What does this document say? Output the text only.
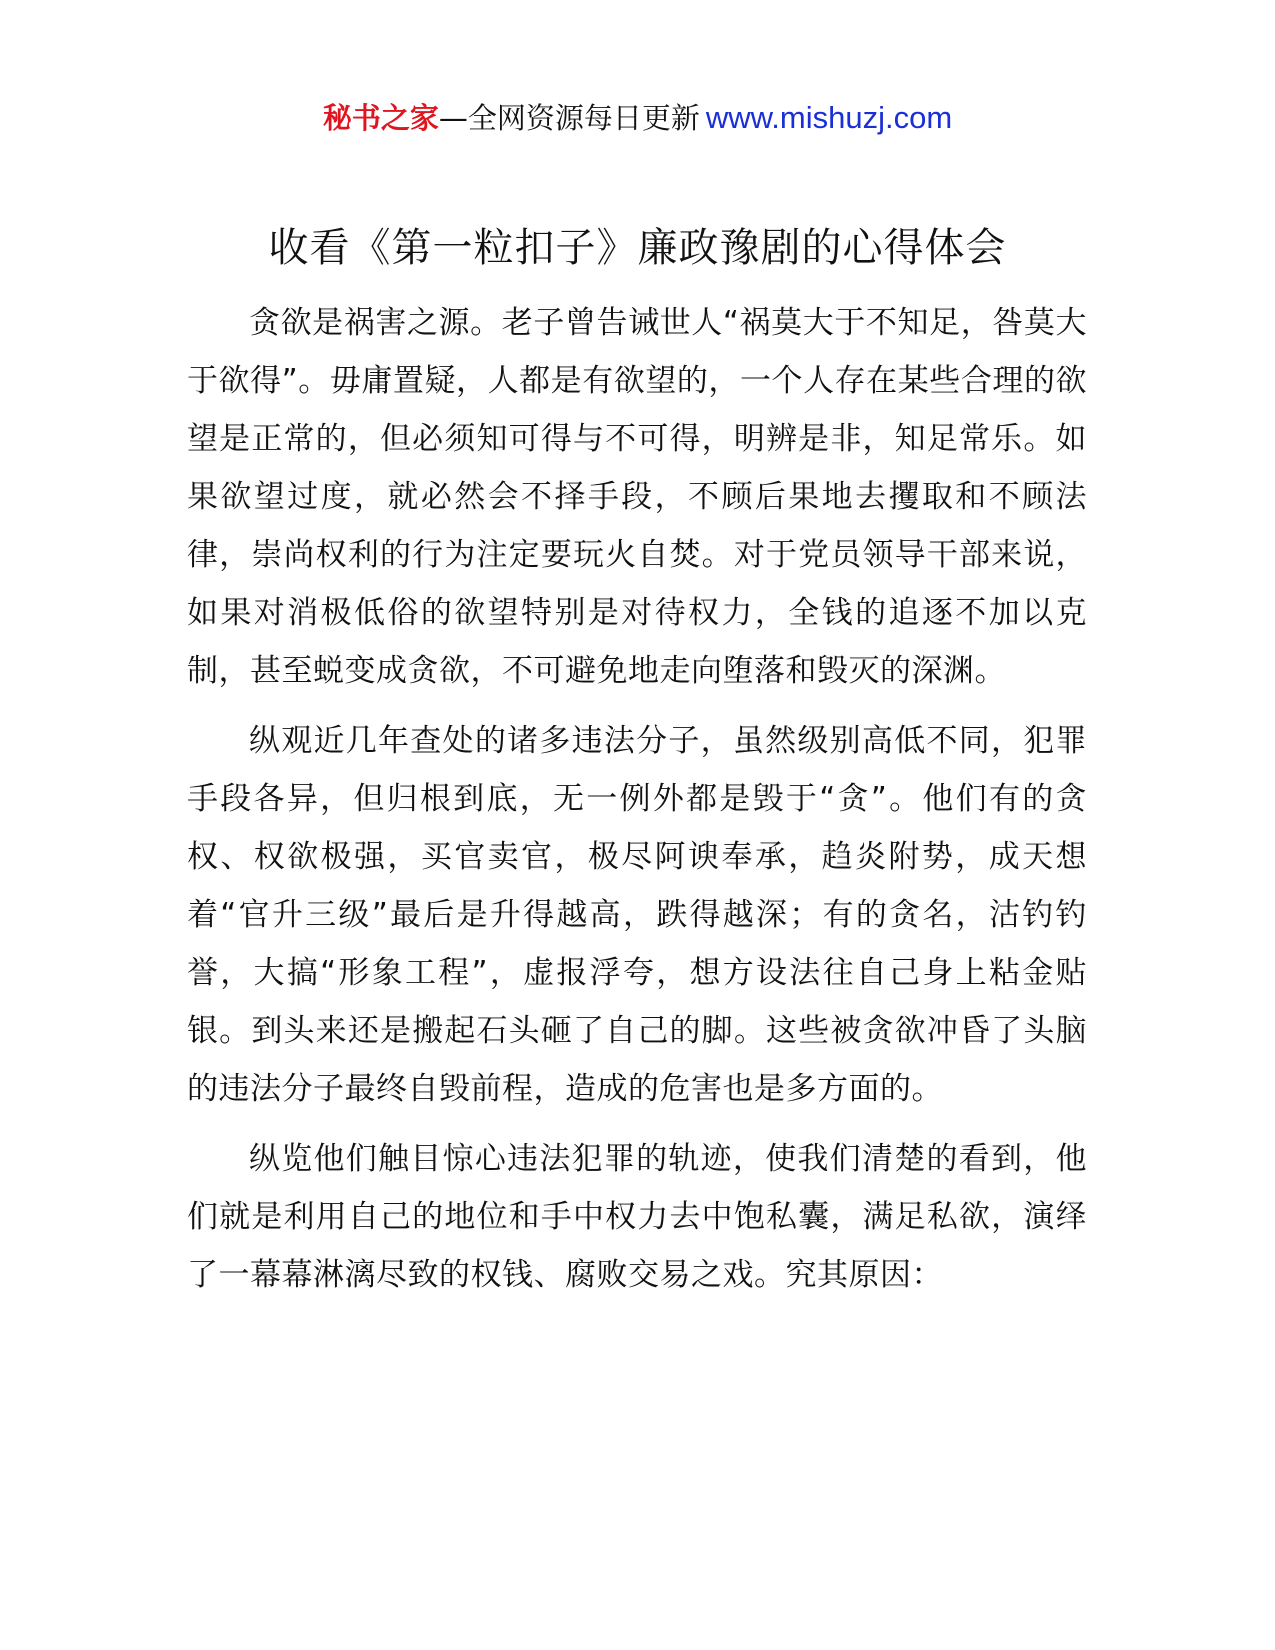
秘书之家—全网资源每日更新 www.mishuzj.com
收看《第一粒扣子》廉政豫剧的心得体会

贪欲是祸害之源。老子曾告诫世人“祸莫大于不知足，咎莫大于欲得”。毋庸置疑，人都是有欲望的，一个人存在某些合理的欲望是正常的，但必须知可得与不可得，明辨是非，知足常乐。如果欲望过度，就必然会不择手段，不顾后果地去攫取和不顾法律，崇尚权利的行为注定要玩火自焚。对于党员领导干部来说，如果对消极低俗的欲望特别是对待权力，全钱的追逐不加以克制，甚至蜕变成贪欲，不可避免地走向堕落和毁灭的深渊。

纵观近几年查处的诸多违法分子，虽然级别高低不同，犯罪手段各异，但归根到底，无一例外都是毁于“贪”。他们有的贪权、权欲极强，买官卖官，极尽阿谀奉承，趋炎附势，成天想着“官升三级”最后是升得越高，跌得越深；有的贪名，沽钓钓誉，大搞“形象工程”，虚报浮夸，想方设法往自己身上粘金贴银。到头来还是搬起石头砸了自己的脚。这些被贪欲冲昏了头脑的违法分子最终自毁前程，造成的危害也是多方面的。

纵览他们触目惊心违法犯罪的轨迹，使我们清楚的看到，他们就是利用自己的地位和手中权力去中饱私囊，满足私欲，演绎了一幕幕淋漓尽致的权钱、腐败交易之戏。究其原因：
